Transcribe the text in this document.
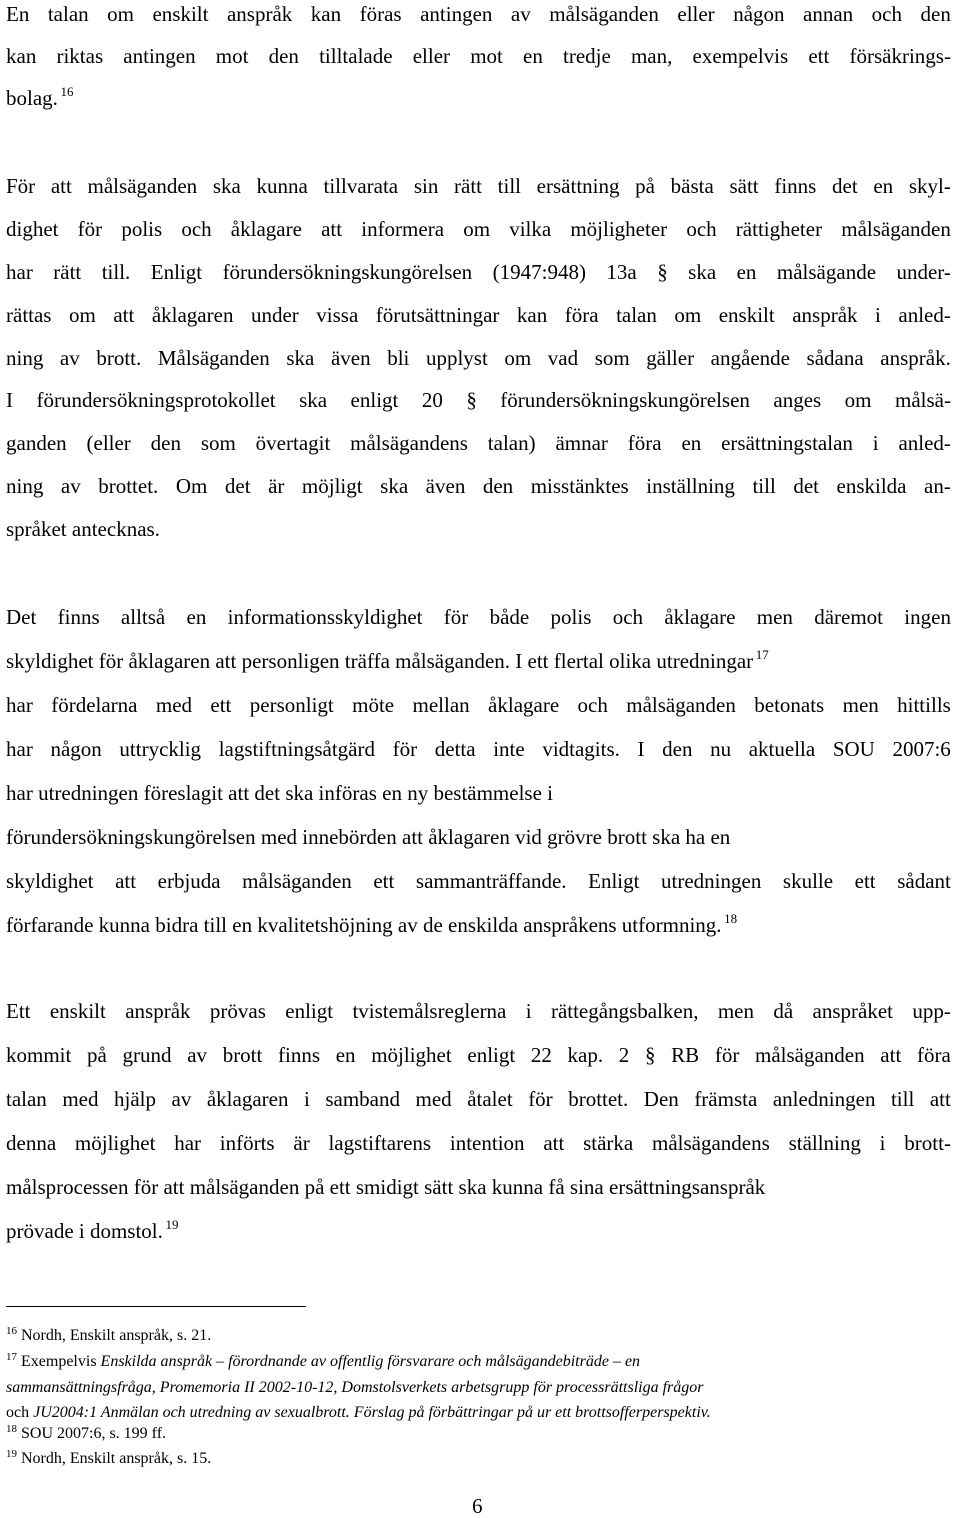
En talan om enskilt anspråk kan föras antingen av målsäganden eller någon annan och den
kan riktas antingen mot den tilltalade eller mot en tredje man, exempelvis ett försäkrings-
bolag. $^{16}$
För att målsäganden ska kunna tillvarata sin rätt till ersättning på bästa sätt finns det en skyl-
dighet för polis och åklagare att informera om vilka möjligheter och rättigheter målsäganden
har rätt till. Enligt förundersökningskungörelsen (1947:948) 13a § ska en målsägande under-
rättas om att åklagaren under vissa förutsättningar kan föra talan om enskilt anspråk i anled-
ning av brott. Målsäganden ska även bli upplyst om vad som gäller angående sådana anspråk.
I förundersökningsprotokollet ska enligt 20 § förundersökningskungörelsen anges om målsä-
ganden (eller den som övertagit målsägandens talan) ämnar föra en ersättningstalan i anled-
ning av brottet. Om det är möjligt ska även den misstänktes inställning till det enskilda an-
språket antecknas.
Det finns alltså en informationsskyldighet för både polis och åklagare men däremot ingen
skyldighet för åklagaren att personligen träffa målsäganden. I ett flertal olika utredningar $^{17}$
har fördelarna med ett personligt möte mellan åklagare och målsäganden betonats men hittills
har någon uttrycklig lagstiftningsåtgärd för detta inte vidtagits. I den nu aktuella SOU 2007:6
har utredningen föreslagit att det ska införas en ny bestämmelse i
förundersökningskungörelsen med innebörden att åklagaren vid grövre brott ska ha en
skyldighet att erbjuda målsäganden ett sammanträffande. Enligt utredningen skulle ett sådant
förfarande kunna bidra till en kvalitetshöjning av de enskilda anspråkens utformning. $^{18}$
Ett enskilt anspråk prövas enligt tvistemålsreglerna i rättegångsbalken, men då anspråket upp-
kommit på grund av brott finns en möjlighet enligt 22 kap. 2 § RB för målsäganden att föra
talan med hjälp av åklagaren i samband med åtalet för brottet. Den främsta anledningen till att
denna möjlighet har införts är lagstiftarens intention att stärka målsägandens ställning i brott-
målsprocessen för att målsäganden på ett smidigt sätt ska kunna få sina ersättningsanspråk
prövade i domstol. $^{19}$
$^{16}$ Nordh, Enskilt anspråk, s. 21.
$^{17}$ Exempelvis Enskilda anspråk – förordnande av offentlig försvarare och målsägandebiträde – en
sammansättningsfråga, Promemoria II 2002-10-12, Domstolsverkets arbetsgrupp för processrättsliga frågor
och JU2004:1 Anmälan och utredning av sexualbrott. Förslag på förbättringar på ur ett brottsofferperspektiv.
$^{18}$ SOU 2007:6, s. 199 ff.
$^{19}$ Nordh, Enskilt anspråk, s. 15.
6
